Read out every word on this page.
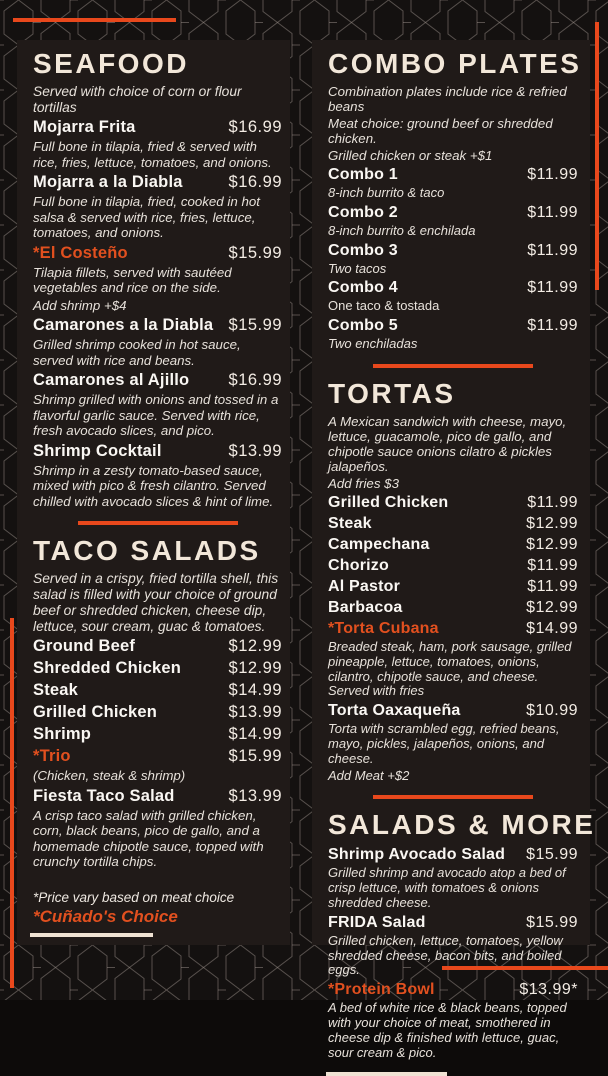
SEAFOOD
Served with choice of corn or flour tortillas
Mojarra Frita	$16.99
Full bone in tilapia, fried & served with rice, fries, lettuce, tomatoes, and onions.
Mojarra a la Diabla	$16.99
Full bone in tilapia, fried, cooked in hot salsa & served with rice, fries, lettuce, tomatoes, and onions.
*El Costeño	$15.99
Tilapia fillets, served with sautéed vegetables and rice on the side.
Add shrimp +$4
Camarones a la Diabla $15.99
Grilled shrimp cooked in hot sauce, served with rice and beans.
Camarones al Ajillo $16.99
Shrimp grilled with onions and tossed in a flavorful garlic sauce. Served with rice, fresh avocado slices, and pico.
Shrimp Cocktail	$13.99
Shrimp in a zesty tomato-based sauce, mixed with pico & fresh cilantro. Served chilled with avocado slices & hint of lime.
TACO SALADS
Served in a crispy, fried tortilla shell, this salad is filled with your choice of ground beef or shredded chicken, cheese dip, lettuce, sour cream, guac & tomatoes.
Ground Beef	$12.99
Shredded Chicken	$12.99
Steak	$14.99
Grilled Chicken	$13.99
Shrimp	$14.99
*Trio	$15.99
(Chicken, steak & shrimp)
Fiesta Taco Salad	$13.99
A crisp taco salad with grilled chicken, corn, black beans, pico de gallo, and a homemade chipotle sauce, topped with crunchy tortilla chips.
*Price vary based on meat choice
*Cuñado's Choice
COMBO PLATES
Combination plates include rice & refried beans
Meat choice: ground beef or shredded chicken.
Grilled chicken or steak +$1
Combo 1	$11.99
8-inch burrito & taco
Combo 2	$11.99
8-inch burrito & enchilada
Combo 3	$11.99
Two tacos
Combo 4	$11.99
One taco & tostada
Combo 5	$11.99
Two enchiladas
TORTAS
A Mexican sandwich with cheese, mayo, lettuce, guacamole, pico de gallo, and chipotle sauce onions cilatro & pickles jalapeños.
Add fries $3
Grilled Chicken	$11.99
Steak	$12.99
Campechana	$12.99
Chorizo	$11.99
Al Pastor	$11.99
Barbacoa	$12.99
*Torta Cubana	$14.99
Breaded steak, ham, pork sausage, grilled pineapple, lettuce, tomatoes, onions, cilantro, chipotle sauce, and cheese. Served with fries
Torta Oaxaqueña	$10.99
Torta with scrambled egg, refried beans, mayo, pickles, jalapeños, onions, and cheese.
Add Meat +$2
SALADS & MORE
Shrimp Avocado Salad $15.99
Grilled shrimp and avocado atop a bed of crisp lettuce, with tomatoes & onions shredded cheese.
FRIDA Salad	$15.99
Grilled chicken, lettuce, tomatoes, yellow shredded cheese, bacon bits, and boiled eggs.
*Protein Bowl	$13.99*
A bed of white rice & black beans, topped with your choice of meat, smothered in cheese dip & finished with lettuce, guac, sour cream & pico.
